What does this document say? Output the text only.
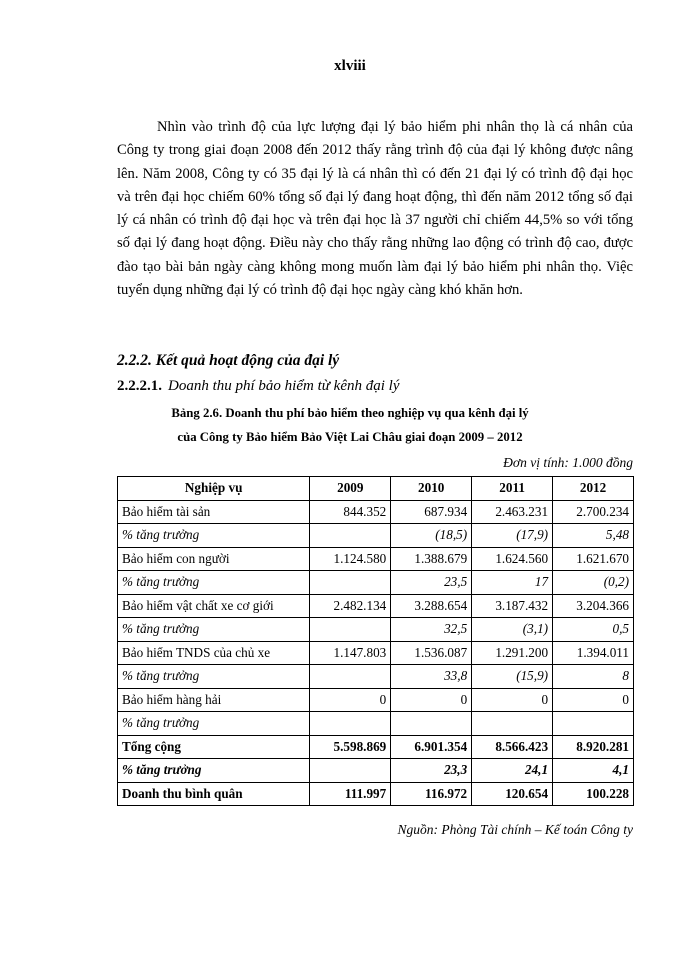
xlviii
Nhìn vào trình độ của lực lượng đại lý bảo hiểm phi nhân thọ là cá nhân của Công ty trong giai đoạn 2008 đến 2012 thấy rằng trình độ của đại lý không được nâng lên. Năm 2008, Công ty có 35 đại lý là cá nhân thì có đến 21 đại lý có trình độ đại học và trên đại học chiếm 60% tổng số đại lý đang hoạt động, thì đến năm 2012 tổng số đại lý cá nhân có trình độ đại học và trên đại học là 37 người chỉ chiếm 44,5% so với tổng số đại lý đang hoạt động. Điều này cho thấy rằng những lao động có trình độ cao, được đào tạo bài bản ngày càng không mong muốn làm đại lý bảo hiểm phi nhân thọ. Việc tuyển dụng những đại lý có trình độ đại học ngày càng khó khăn hơn.
2.2.2. Kết quả hoạt động của đại lý
2.2.2.1. Doanh thu phí bảo hiểm từ kênh đại lý
Bảng 2.6. Doanh thu phí bảo hiểm theo nghiệp vụ qua kênh đại lý
của Công ty Bảo hiểm Bảo Việt Lai Châu giai đoạn 2009 – 2012
Đơn vị tính: 1.000 đồng
Nghiệp vụ	2009	2010	2011	2012
Bảo hiểm tài sản	844.352	687.934	2.463.231	2.700.234
% tăng trưởng		(18,5)	(17,9)	5,48
Bảo hiểm con người	1.124.580	1.388.679	1.624.560	1.621.670
% tăng trưởng		23,5	17	(0,2)
Bảo hiểm vật chất xe cơ giới	2.482.134	3.288.654	3.187.432	3.204.366
% tăng trưởng		32,5	(3,1)	0,5
Bảo hiểm TNDS của chủ xe	1.147.803	1.536.087	1.291.200	1.394.011
% tăng trưởng		33,8	(15,9)	8
Bảo hiểm hàng hải	0	0	0	0
% tăng trưởng				
Tổng cộng	5.598.869	6.901.354	8.566.423	8.920.281
% tăng trưởng		23,3	24,1	4,1
Doanh thu bình quân	111.997	116.972	120.654	100.228
Nguồn: Phòng Tài chính – Kế toán Công ty
